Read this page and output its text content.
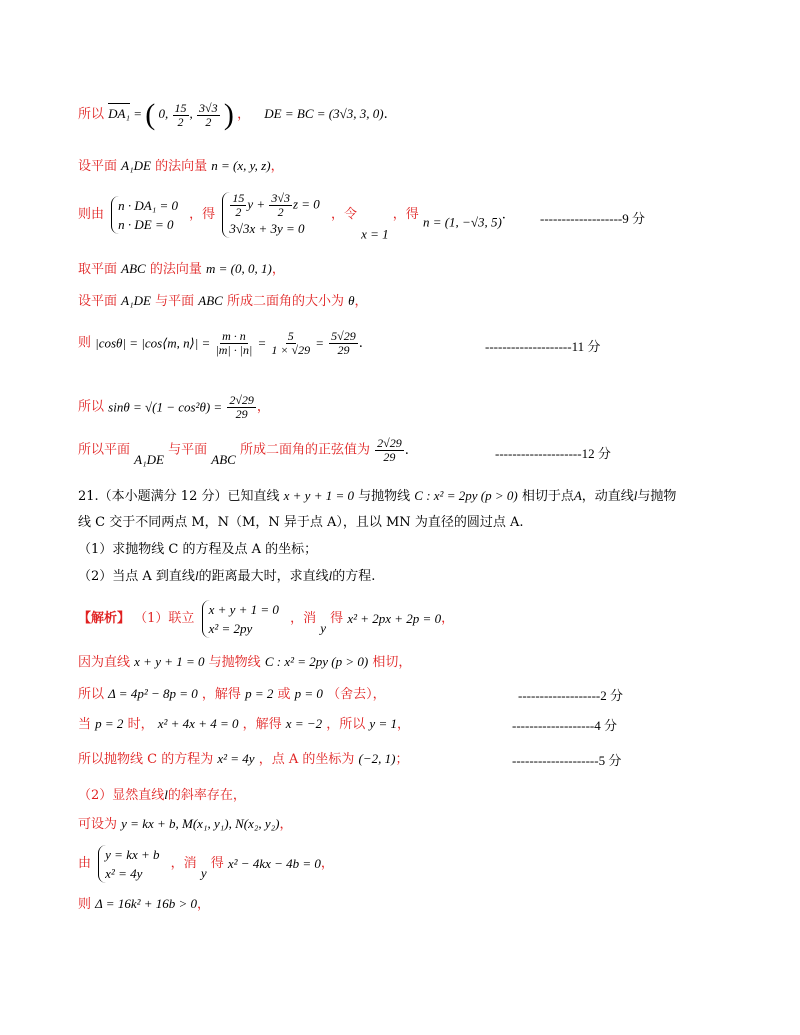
所以 DA₁ = ( 0, $\frac{15}{2}$ , $\frac{3√3}{2}$ ) ， DE = BC = (3√3, 3, 0).
设平面 A₁DE 的法向量 n = (x, y, z)，
则由
n · DA₁ = 0
n · DE = 0
，得 $\frac{15}{2}$ $y + \frac{3√3}{2}$ z = 0
3√3x + 3y = 0
，令 x = 1 ，得 n = (1, −√3, 5).	-------------------9 分
取平面 ABC 的法向量 m = (0, 0, 1)，
设平面 A₁DE 与平面 ABC 所成二面角的大小为 θ，
则 |cosθ| = |cos⟨m, n⟩| = $\frac{m \cdot n}{|m| \cdot |n|} = \frac{5}{1 \times √29} = \frac{5√29}{29}$ .	--------------------11 分
所以 $\sin\theta = √(1 - \cos^2\theta) = \frac{2√29}{29}$ ，
所以平面 A₁DE 与平面 ABC 所成二面角的正弦值为 $\frac{2√29}{29}$ .	--------------------12 分
21.（本小题满分 12 分）已知直线 x + y + 1 = 0 与抛物线 C : x² = 2py (p > 0) 相切于点A，动直线l与抛物
线 C 交于不同两点 M，N（M，N 异于点 A），且以 MN 为直径的圆过点 A.
（1）求抛物线 C 的方程及点 A 的坐标；
（2）当点 A 到直线l的距离最大时，求直线l的方程.
【解析】 （1）联立
x + y + 1 = 0
x² = 2py
，消 y 得 x² + 2px + 2p = 0，
因为直线 x + y + 1 = 0 与抛物线 C : x² = 2py (p > 0) 相切，
所以 Δ = 4p² − 8p = 0 ，解得 p = 2 或 p = 0 （舍去），	-------------------2 分
当 p = 2 时， x² + 4x + 4 = 0 ，解得 x = −2 ，所以 y = 1，	-------------------4 分
所以抛物线 C 的方程为 x² = 4y ，点 A 的坐标为 (−2, 1)；	--------------------5 分
（2）显然直线l的斜率存在，
可设为 y = kx + b, M(x₁, y₁), N(x₂, y₂)，
由
y = kx + b
x² = 4y
，消 y 得 x² − 4kx − 4b = 0，
则 Δ = 16k² + 16b > 0，
